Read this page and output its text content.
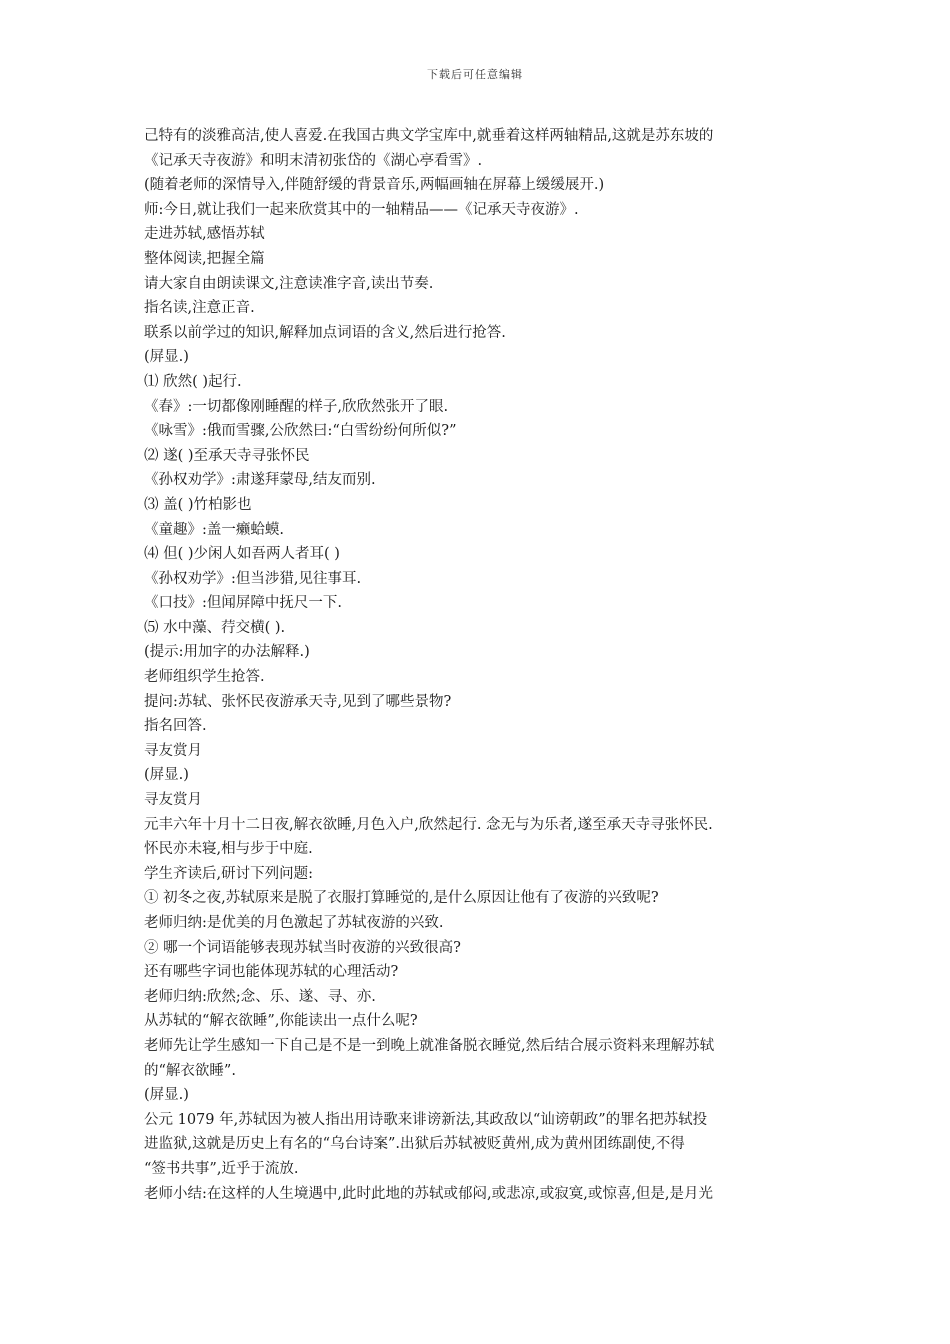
下载后可任意编辑
己特有的淡雅高洁,使人喜爱.在我国古典文学宝库中,就垂着这样两轴精品,这就是苏东坡的
《记承天寺夜游》和明末清初张岱的《湖心亭看雪》.
(随着老师的深情导入,伴随舒缓的背景音乐,两幅画轴在屏幕上缓缓展开.)
师:今日,就让我们一起来欣赏其中的一轴精品——《记承天寺夜游》.
走进苏轼,感悟苏轼
整体阅读,把握全篇
请大家自由朗读课文,注意读准字音,读出节奏.
指名读,注意正音.
联系以前学过的知识,解释加点词语的含义,然后进行抢答.
(屏显.)
⑴ 欣然( )起行.
《春》:一切都像刚睡醒的样子,欣欣然张开了眼.
《咏雪》:俄而雪骤,公欣然曰:“白雪纷纷何所似?”
⑵ 遂( )至承天寺寻张怀民
《孙权劝学》:肃遂拜蒙母,结友而别.
⑶ 盖( )竹柏影也
《童趣》:盖一癞蛤蟆.
⑷ 但( )少闲人如吾两人者耳( )
《孙权劝学》:但当涉猎,见往事耳.
《口技》:但闻屏障中抚尺一下.
⑸ 水中藻、荇交横( ).
(提示:用加字的办法解释.)
老师组织学生抢答.
提问:苏轼、张怀民夜游承天寺,见到了哪些景物?
指名回答.
寻友赏月
(屏显.)
寻友赏月
元丰六年十月十二日夜,解衣欲睡,月色入户,欣然起行. 念无与为乐者,遂至承天寺寻张怀民.
怀民亦未寝,相与步于中庭.
学生齐读后,研讨下列问题:
① 初冬之夜,苏轼原来是脱了衣服打算睡觉的,是什么原因让他有了夜游的兴致呢?
老师归纳:是优美的月色激起了苏轼夜游的兴致.
② 哪一个词语能够表现苏轼当时夜游的兴致很高?
还有哪些字词也能体现苏轼的心理活动?
老师归纳:欣然;念、乐、遂、寻、亦.
从苏轼的“解衣欲睡”,你能读出一点什么呢?
老师先让学生感知一下自己是不是一到晚上就准备脱衣睡觉,然后结合展示资料来理解苏轼
的“解衣欲睡”.
(屏显.)
公元 1079 年,苏轼因为被人指出用诗歌来诽谤新法,其政敌以“讪谤朝政”的罪名把苏轼投
进监狱,这就是历史上有名的“乌台诗案”.出狱后苏轼被贬黄州,成为黄州团练副使,不得
“签书共事”,近乎于流放.
老师小结:在这样的人生境遇中,此时此地的苏轼或郁闷,或悲凉,或寂寞,或惊喜,但是,是月光
